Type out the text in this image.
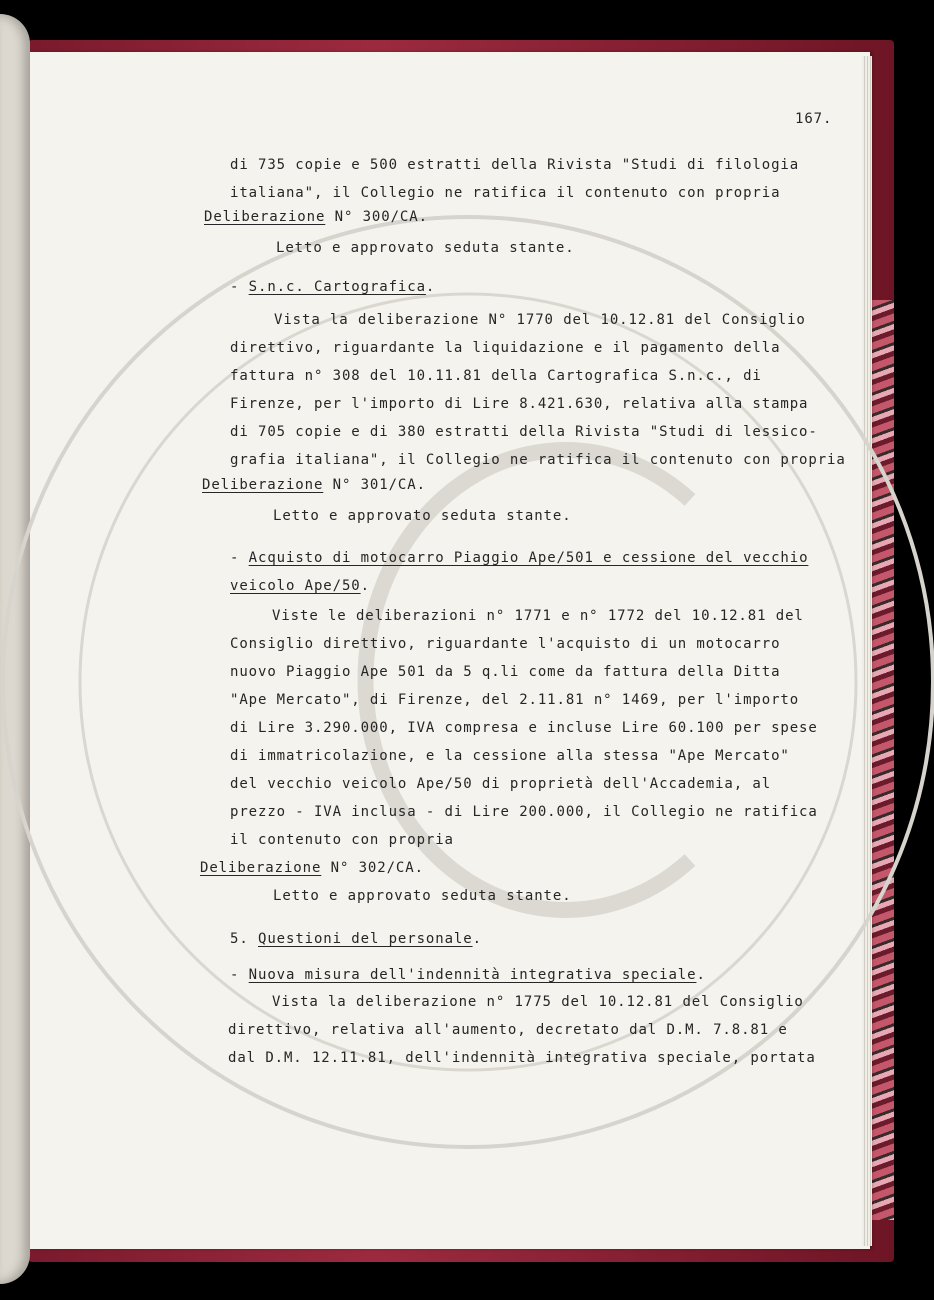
167.
di 735 copie e 500 estratti della Rivista "Studi di filologia
italiana", il Collegio ne ratifica il contenuto con propria
Deliberazione N° 300/CA.
Letto e approvato seduta stante.
- S.n.c. Cartografica.
Vista la deliberazione N° 1770 del 10.12.81 del Consiglio
direttivo, riguardante la liquidazione e il pagamento della
fattura n° 308 del 10.11.81 della Cartografica S.n.c., di
Firenze, per l'importo di Lire 8.421.630, relativa alla stampa
di 705 copie e di 380 estratti della Rivista "Studi di lessico-
grafia italiana", il Collegio ne ratifica il contenuto con propria
Deliberazione N° 301/CA.
Letto e approvato seduta stante.
- Acquisto di motocarro Piaggio Ape/501 e cessione del vecchio
veicolo Ape/50.
Viste le deliberazioni n° 1771 e n° 1772 del 10.12.81 del
Consiglio direttivo, riguardante l'acquisto di un motocarro
nuovo Piaggio Ape 501 da 5 q.li come da fattura della Ditta
"Ape Mercato", di Firenze, del 2.11.81 n° 1469, per l'importo
di Lire 3.290.000, IVA compresa e incluse Lire 60.100 per spese
di immatricolazione, e la cessione alla stessa "Ape Mercato"
del vecchio veicolo Ape/50 di proprietà dell'Accademia, al
prezzo - IVA inclusa - di Lire 200.000, il Collegio ne ratifica
il contenuto con propria
Deliberazione N° 302/CA.
Letto e approvato seduta stante.
5. Questioni del personale.
- Nuova misura dell'indennità integrativa speciale.
Vista la deliberazione n° 1775 del 10.12.81 del Consiglio
direttivo, relativa all'aumento, decretato dal D.M. 7.8.81 e
dal D.M. 12.11.81, dell'indennità integrativa speciale, portata
